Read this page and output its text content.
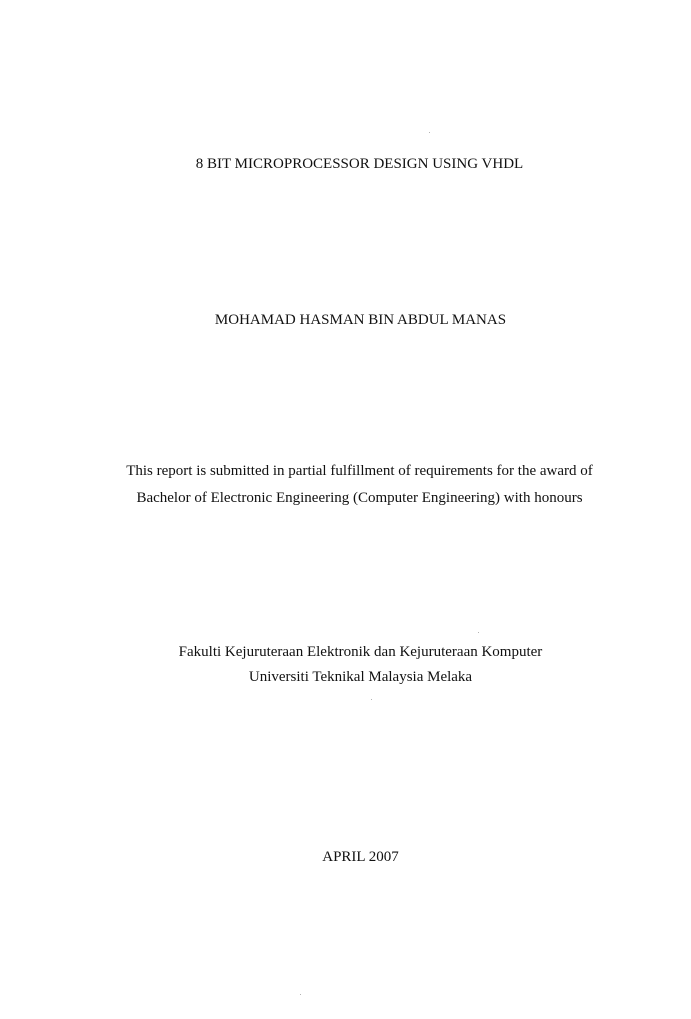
8 BIT MICROPROCESSOR DESIGN USING VHDL
MOHAMAD HASMAN BIN ABDUL MANAS
This report is submitted in partial fulfillment of requirements for the award of
Bachelor of Electronic Engineering (Computer Engineering) with honours
Fakulti Kejuruteraan Elektronik dan Kejuruteraan Komputer
Universiti Teknikal Malaysia Melaka
APRIL 2007
